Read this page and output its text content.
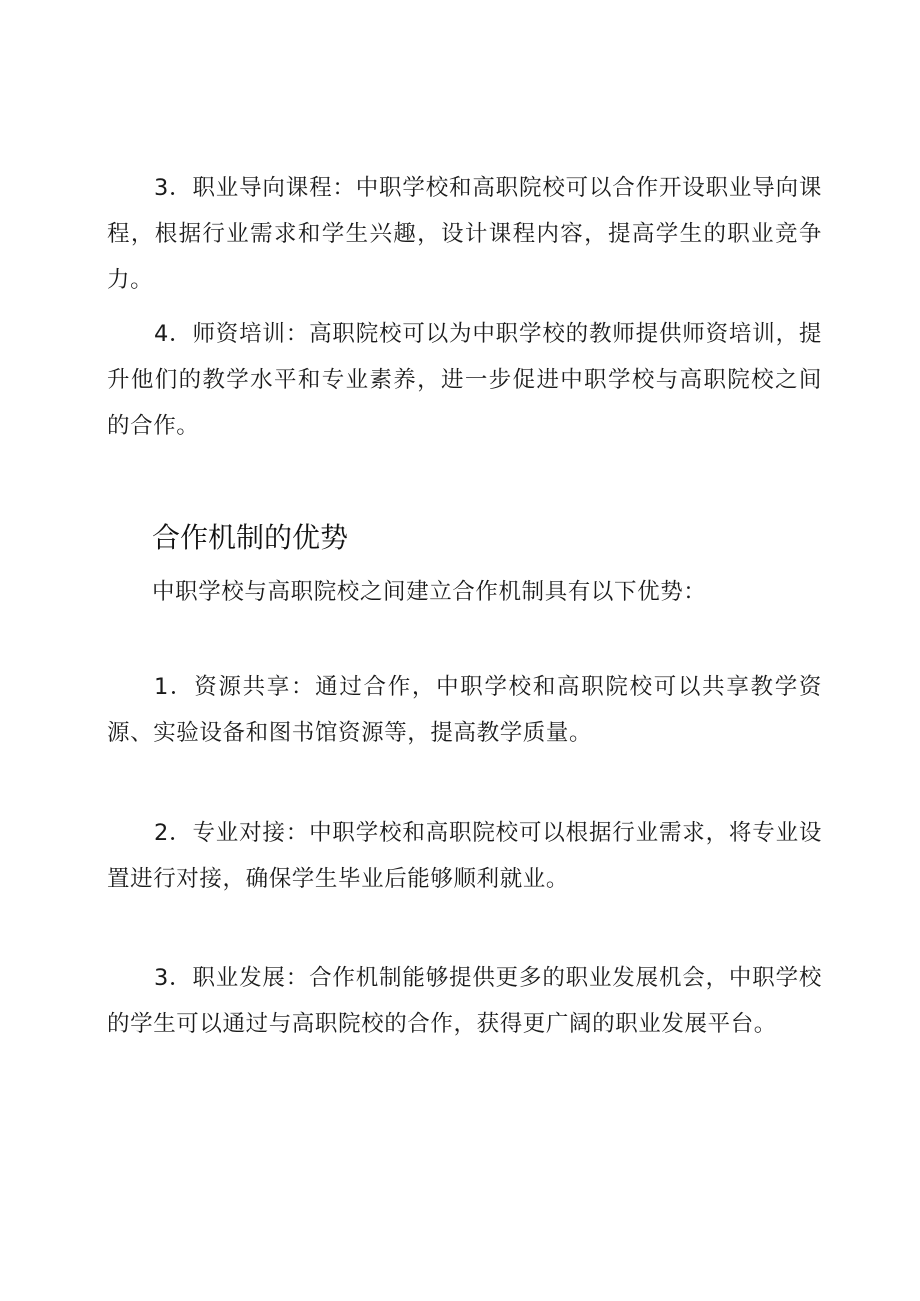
3．职业导向课程：中职学校和高职院校可以合作开设职业导向课程，根据行业需求和学生兴趣，设计课程内容，提高学生的职业竞争力。

4．师资培训：高职院校可以为中职学校的教师提供师资培训，提升他们的教学水平和专业素养，进一步促进中职学校与高职院校之间的合作。

合作机制的优势

中职学校与高职院校之间建立合作机制具有以下优势：

1．资源共享：通过合作，中职学校和高职院校可以共享教学资源、实验设备和图书馆资源等，提高教学质量。

2．专业对接：中职学校和高职院校可以根据行业需求，将专业设置进行对接，确保学生毕业后能够顺利就业。

3．职业发展：合作机制能够提供更多的职业发展机会，中职学校的学生可以通过与高职院校的合作，获得更广阔的职业发展平台。
